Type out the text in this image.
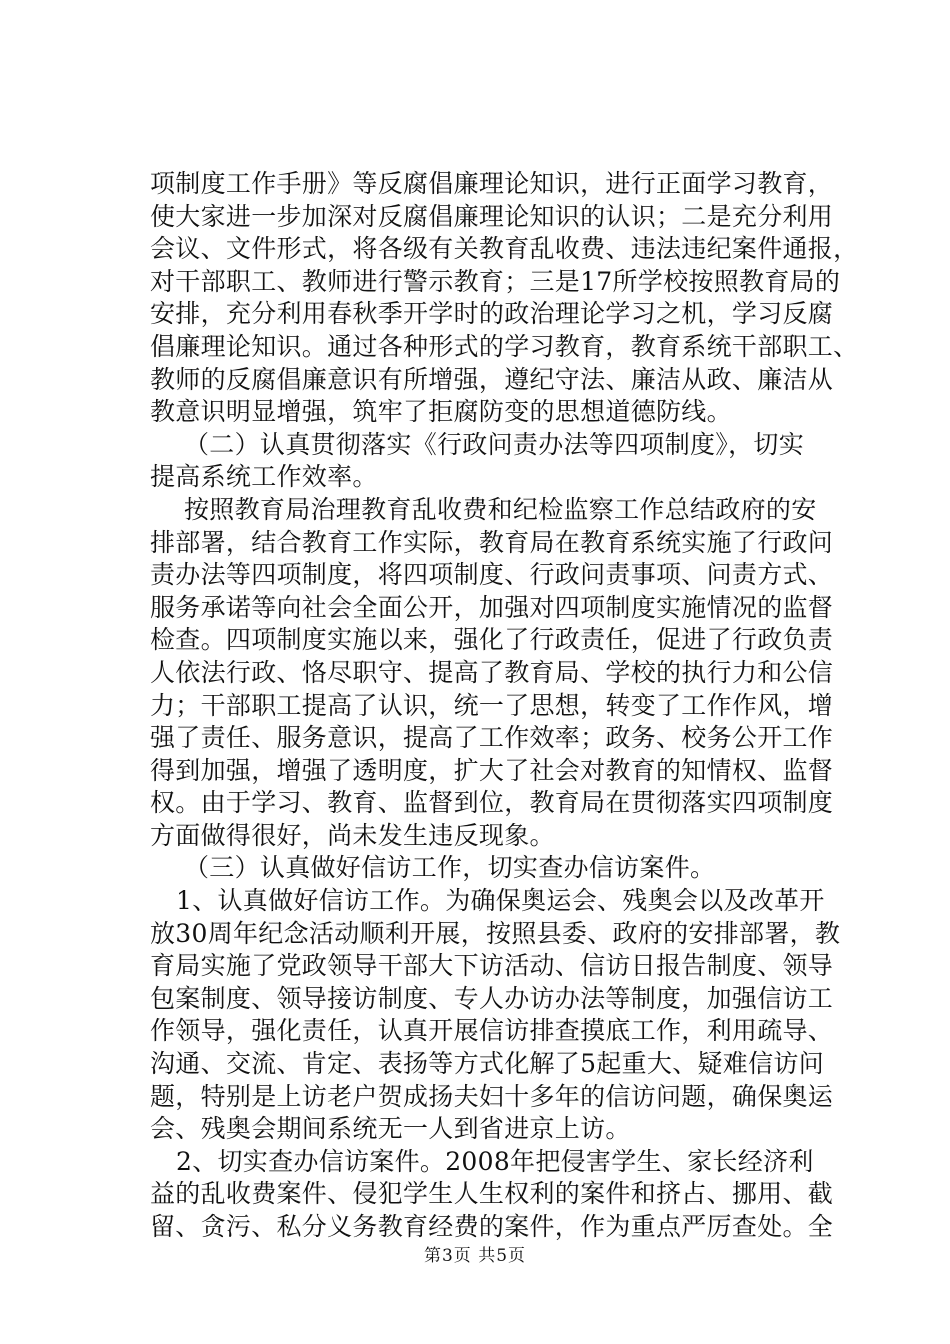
项制度工作手册》等反腐倡廉理论知识，进行正面学习教育，
使大家进一步加深对反腐倡廉理论知识的认识；二是充分利用
会议、文件形式，将各级有关教育乱收费、违法违纪案件通报，
对干部职工、教师进行警示教育；三是17所学校按照教育局的
安排，充分利用春秋季开学时的政治理论学习之机，学习反腐
倡廉理论知识。通过各种形式的学习教育，教育系统干部职工、
教师的反腐倡廉意识有所增强，遵纪守法、廉洁从政、廉洁从
教意识明显增强，筑牢了拒腐防变的思想道德防线。
（二）认真贯彻落实《行政问责办法等四项制度》，切实
提高系统工作效率。
按照教育局治理教育乱收费和纪检监察工作总结政府的安
排部署，结合教育工作实际，教育局在教育系统实施了行政问
责办法等四项制度，将四项制度、行政问责事项、问责方式、
服务承诺等向社会全面公开，加强对四项制度实施情况的监督
检查。四项制度实施以来，强化了行政责任，促进了行政负责
人依法行政、恪尽职守、提高了教育局、学校的执行力和公信
力；干部职工提高了认识，统一了思想，转变了工作作风，增
强了责任、服务意识，提高了工作效率；政务、校务公开工作
得到加强，增强了透明度，扩大了社会对教育的知情权、监督
权。由于学习、教育、监督到位，教育局在贯彻落实四项制度
方面做得很好，尚未发生违反现象。
（三）认真做好信访工作，切实查办信访案件。
1、认真做好信访工作。为确保奥运会、残奥会以及改革开
放30周年纪念活动顺利开展，按照县委、政府的安排部署，教
育局实施了党政领导干部大下访活动、信访日报告制度、领导
包案制度、领导接访制度、专人办访办法等制度，加强信访工
作领导，强化责任，认真开展信访排查摸底工作，利用疏导、
沟通、交流、肯定、表扬等方式化解了5起重大、疑难信访问
题，特别是上访老户贺成扬夫妇十多年的信访问题，确保奥运
会、残奥会期间系统无一人到省进京上访。
2、切实查办信访案件。2008年把侵害学生、家长经济利
益的乱收费案件、侵犯学生人生权利的案件和挤占、挪用、截
留、贪污、私分义务教育经费的案件，作为重点严厉查处。全
第3页 共5页
